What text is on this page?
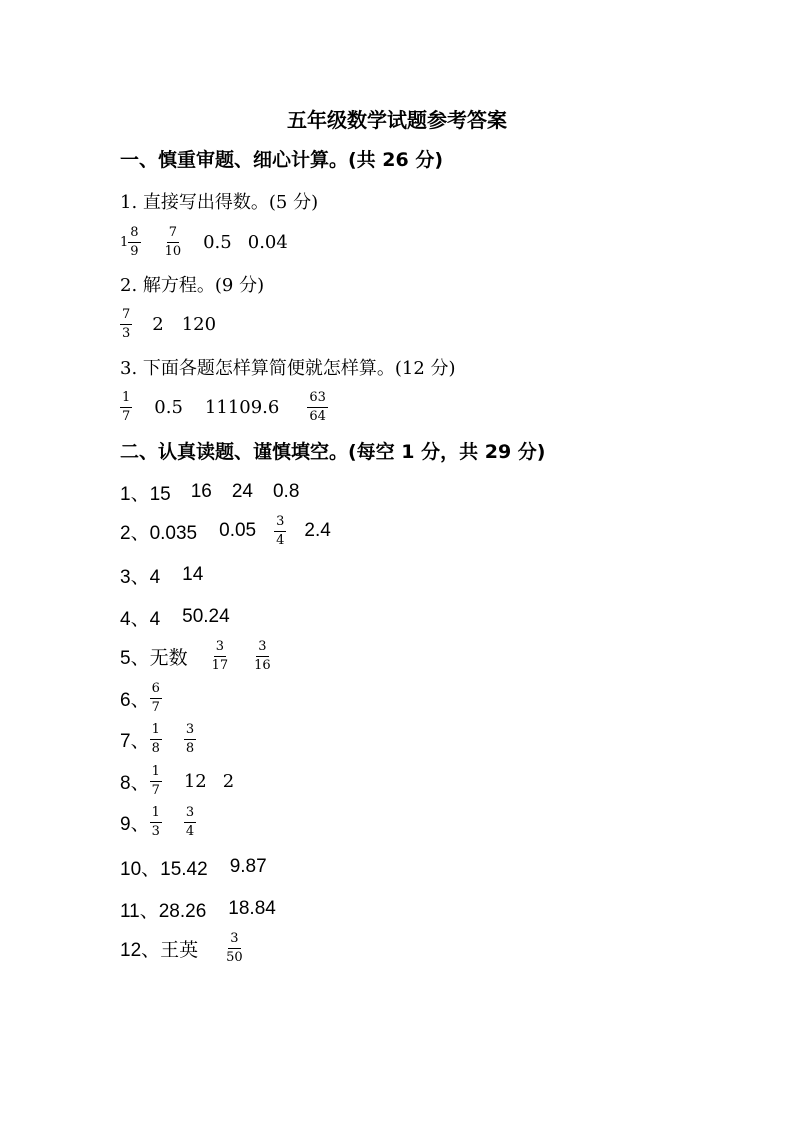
五年级数学试题参考答案
一、慎重审题、细心计算。(共 26 分)
1. 直接写出得数。(5 分)
$1 \frac{8}{9} \frac{7}{10} 0.5$ 0.04
2. 解方程。(9 分)
$\frac{7}{3} 2$ 120
3. 下面各题怎样算简便就怎样算。(12 分)
$\frac{1}{7} 0.5$ $11109.6 \frac{63}{64}$
二、认真读题、谨慎填空。(每空 1 分，共 29 分)
1、15 16 24 0.8
2、0.035 $0.05 \frac{3}{4} 2.4$
3、4 14
4、4 50.24
5、无数 $\frac{3}{17} \frac{3}{16}$
6、 $\frac{6}{7}$
7、 $\frac{1}{8} \frac{3}{8}$
8、 $\frac{1}{7} 12$ 2
9、 $\frac{1}{3} \frac{3}{4}$
10、15.42 9.87
11、28.26 18.84
12、王英 $\frac{3}{50}$
